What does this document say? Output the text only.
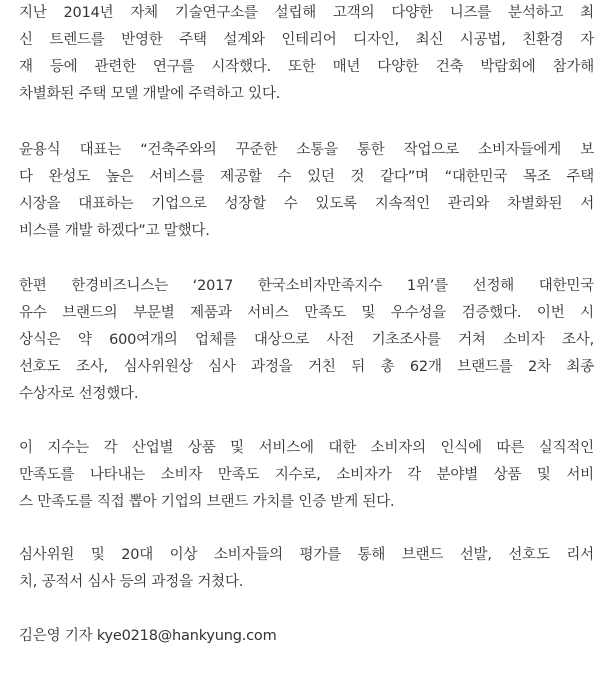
지난 2014년 자체 기술연구소를 설립해 고객의 다양한 니즈를 분석하고 최
신 트렌드를 반영한 주택 설계와 인테리어 디자인, 최신 시공법, 친환경 자
재 등에 관련한 연구를 시작했다. 또한 매년 다양한 건축 박람회에 참가해
차별화된 주택 모델 개발에 주력하고 있다.
윤용식 대표는 “건축주와의 꾸준한 소통을 통한 작업으로 소비자들에게 보
다 완성도 높은 서비스를 제공할 수 있던 것 같다”며 “대한민국 목조 주택
시장을 대표하는 기업으로 성장할 수 있도록 지속적인 관리와 차별화된 서
비스를 개발 하겠다”고 말했다.
한편 한경비즈니스는 ‘2017 한국소비자만족지수 1위’를 선정해 대한민국
유수 브랜드의 부문별 제품과 서비스 만족도 및 우수성을 검증했다. 이번 시
상식은 약 600여개의 업체를 대상으로 사전 기초조사를 거쳐 소비자 조사,
선호도 조사, 심사위원상 심사 과정을 거친 뒤 총 62개 브랜드를 2차 최종
수상자로 선정했다.
이 지수는 각 산업별 상품 및 서비스에 대한 소비자의 인식에 따른 실직적인
만족도를 나타내는 소비자 만족도 지수로, 소비자가 각 분야별 상품 및 서비
스 만족도를 직접 뽑아 기업의 브랜드 가치를 인증 받게 된다.
심사위원 및 20대 이상 소비자들의 평가를 통해 브랜드 선발, 선호도 리서
치, 공적서 심사 등의 과정을 거쳤다.
김은영 기자 kye0218@hankyung.com
